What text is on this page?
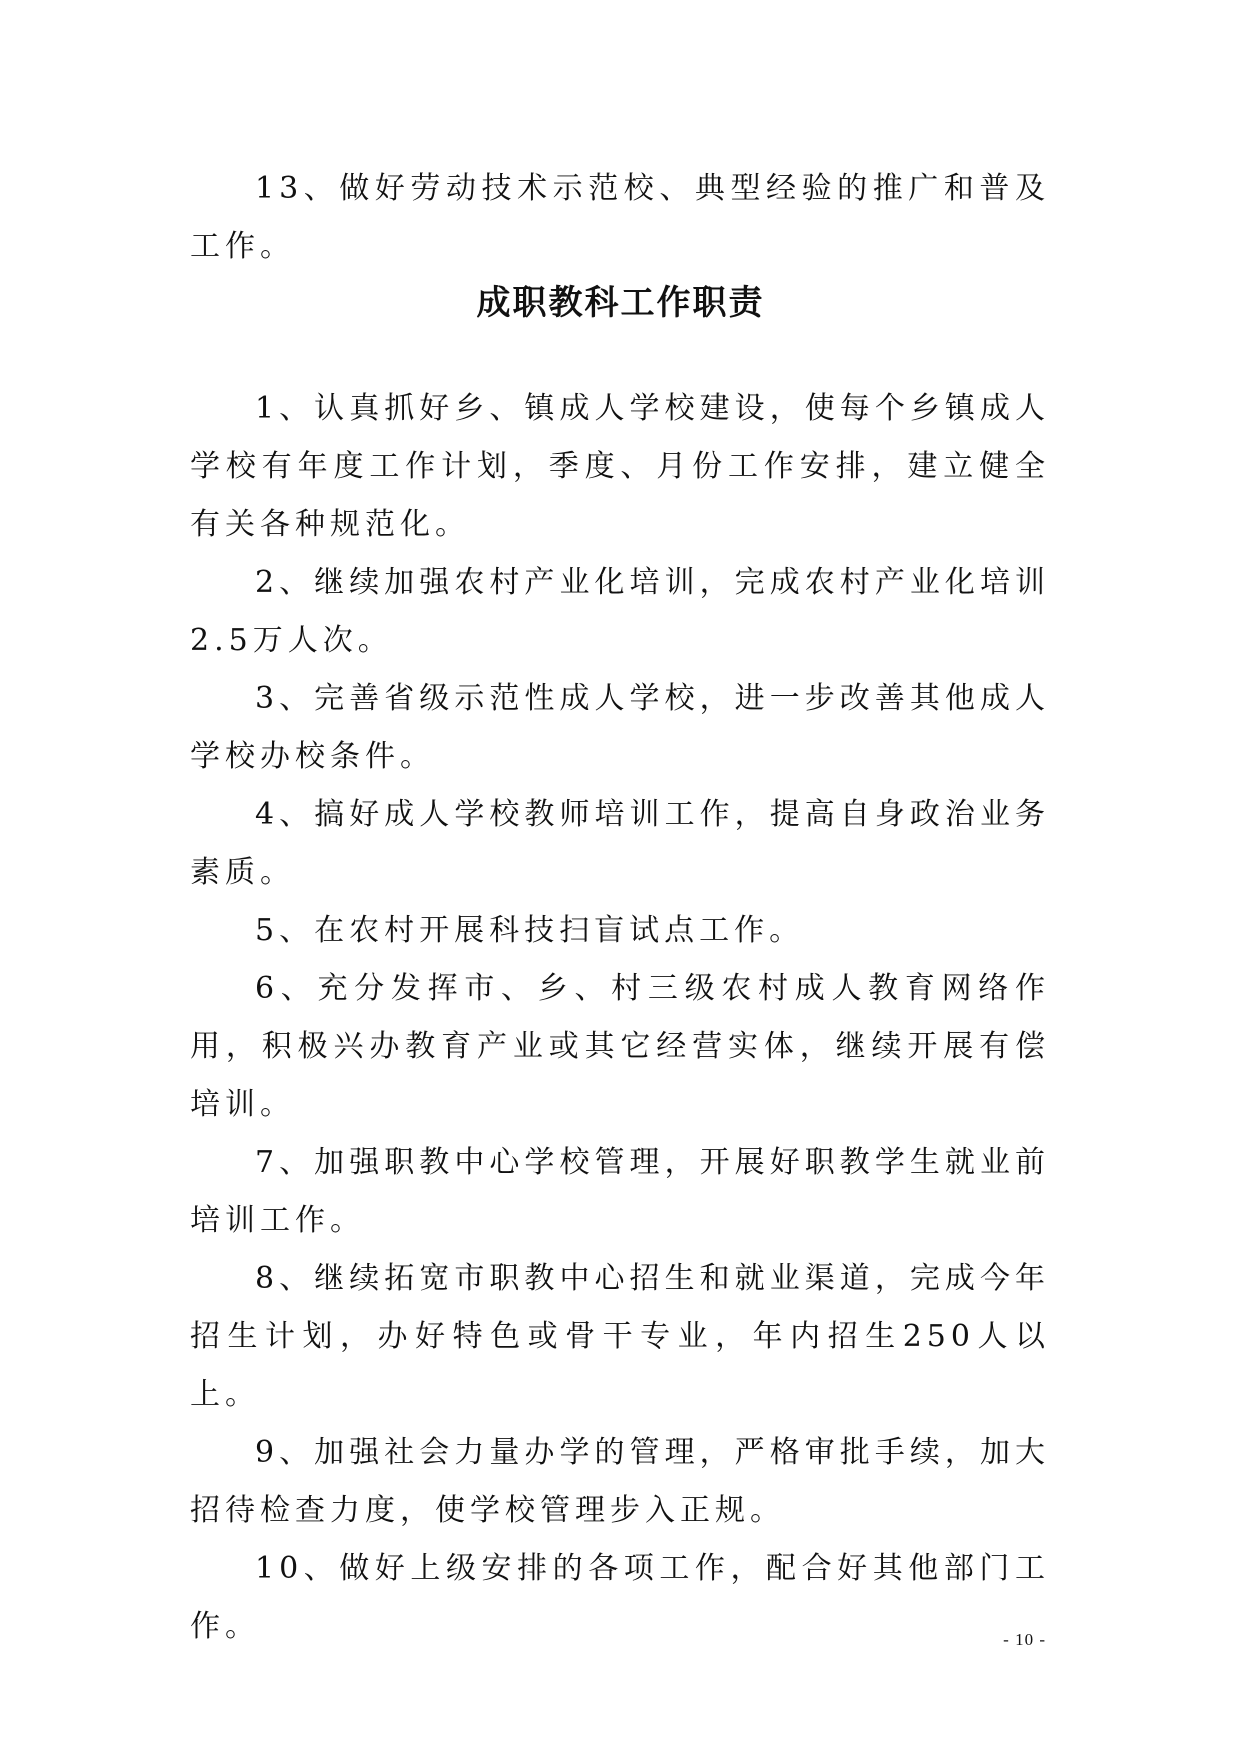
13、做好劳动技术示范校、典型经验的推广和普及工作。

成职教科工作职责

1、认真抓好乡、镇成人学校建设，使每个乡镇成人学校有年度工作计划，季度、月份工作安排，建立健全有关各种规范化。

2、继续加强农村产业化培训，完成农村产业化培训2.5万人次。

3、完善省级示范性成人学校，进一步改善其他成人学校办校条件。

4、搞好成人学校教师培训工作，提高自身政治业务素质。

5、在农村开展科技扫盲试点工作。

6、充分发挥市、乡、村三级农村成人教育网络作用，积极兴办教育产业或其它经营实体，继续开展有偿培训。

7、加强职教中心学校管理，开展好职教学生就业前培训工作。

8、继续拓宽市职教中心招生和就业渠道，完成今年招生计划，办好特色或骨干专业，年内招生250人以上。

9、加强社会力量办学的管理，严格审批手续，加大招待检查力度，使学校管理步入正规。

10、做好上级安排的各项工作，配合好其他部门工作。	- 10 -
